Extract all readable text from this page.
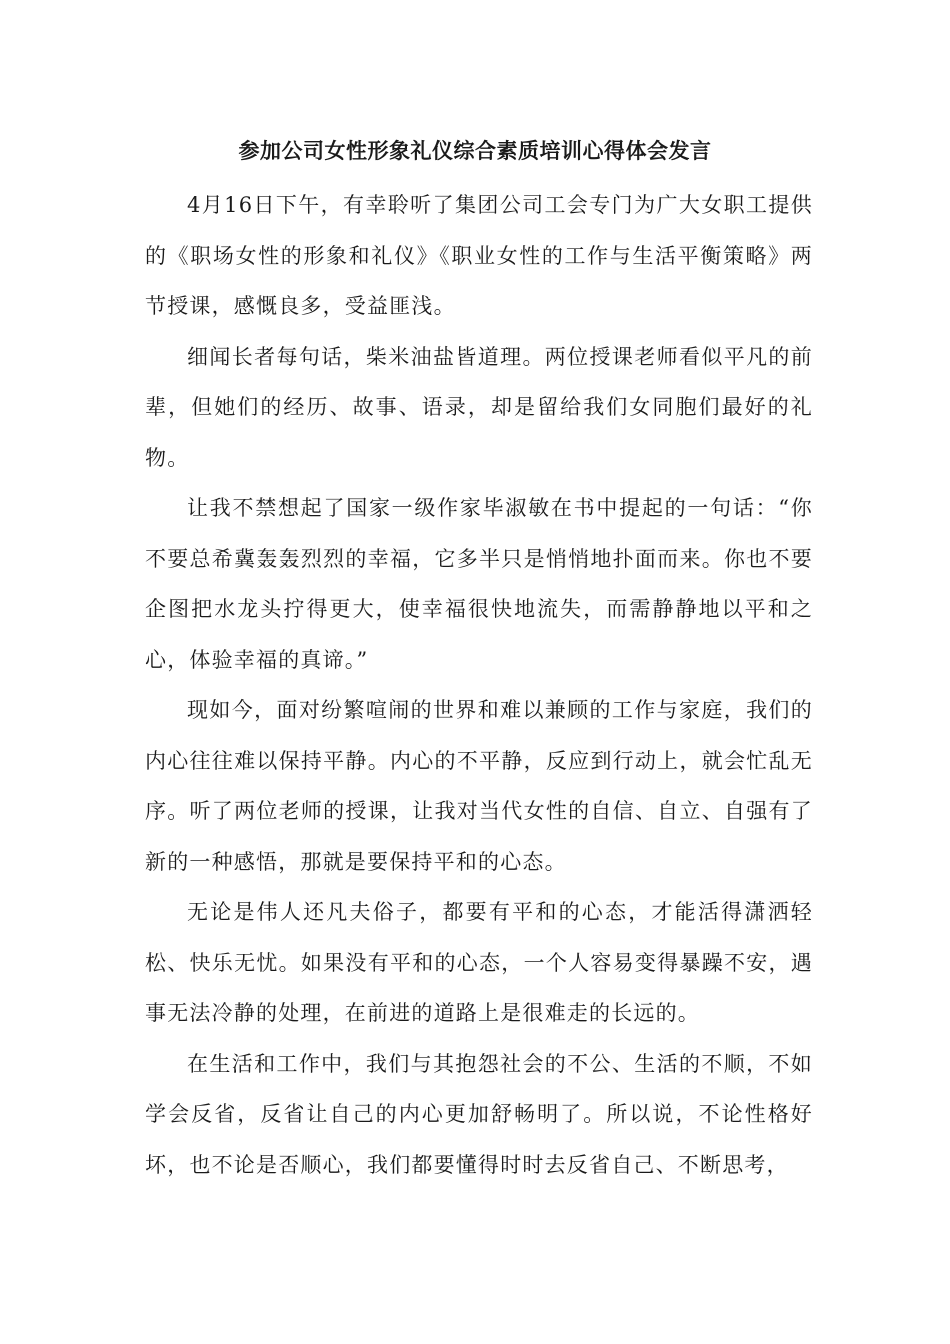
参加公司女性形象礼仪综合素质培训心得体会发言

4月16日下午，有幸聆听了集团公司工会专门为广大女职工提供的《职场女性的形象和礼仪》《职业女性的工作与生活平衡策略》两节授课，感慨良多，受益匪浅。

细闻长者每句话，柴米油盐皆道理。两位授课老师看似平凡的前辈，但她们的经历、故事、语录，却是留给我们女同胞们最好的礼物。

让我不禁想起了国家一级作家毕淑敏在书中提起的一句话：“你不要总希冀轰轰烈烈的幸福，它多半只是悄悄地扑面而来。你也不要企图把水龙头拧得更大，使幸福很快地流失，而需静静地以平和之心，体验幸福的真谛。”

现如今，面对纷繁喧闹的世界和难以兼顾的工作与家庭，我们的内心往往难以保持平静。内心的不平静，反应到行动上，就会忙乱无序。听了两位老师的授课，让我对当代女性的自信、自立、自强有了新的一种感悟，那就是要保持平和的心态。

无论是伟人还凡夫俗子，都要有平和的心态，才能活得潇洒轻松、快乐无忧。如果没有平和的心态，一个人容易变得暴躁不安，遇事无法冷静的处理，在前进的道路上是很难走的长远的。

在生活和工作中，我们与其抱怨社会的不公、生活的不顺，不如学会反省，反省让自己的内心更加舒畅明了。所以说，不论性格好坏，也不论是否顺心，我们都要懂得时时去反省自己、不断思考，
